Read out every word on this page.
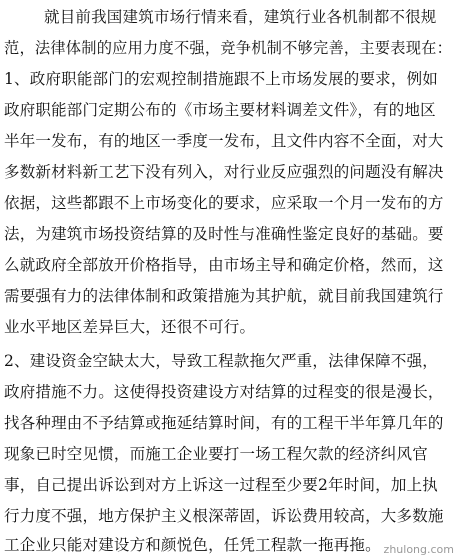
就目前我国建筑市场行情来看，建筑行业各机制都不很规
范，法律体制的应用力度不强，竞争机制不够完善，主要表现在：
1、政府职能部门的宏观控制措施跟不上市场发展的要求，例如
政府职能部门定期公布的《市场主要材料调差文件》，有的地区
半年一发布，有的地区一季度一发布，且文件内容不全面，对大
多数新材料新工艺下没有列入，对行业反应强烈的问题没有解决
依据，这些都跟不上市场变化的要求，应采取一个月一发布的方
法，为建筑市场投资结算的及时性与准确性鉴定良好的基础。要
么就政府全部放开价格指导，由市场主导和确定价格，然而，这
需要强有力的法律体制和政策措施为其护航，就目前我国建筑行
业水平地区差异巨大，还很不可行。
2、建设资金空缺太大，导致工程款拖欠严重，法律保障不强，
政府措施不力。这使得投资建设方对结算的过程变的很是漫长，
找各种理由不予结算或拖延结算时间，有的工程干半年算几年的
现象已时空见惯，而施工企业要打一场工程欠款的经济纠风官
事，自己提出诉讼到对方上诉这一过程至少要2年时间，加上执
行力度不强，地方保护主义根深蒂固，诉讼费用较高，大多数施
工企业只能对建设方和颜悦色，任凭工程款一拖再拖。 zhulong.com
